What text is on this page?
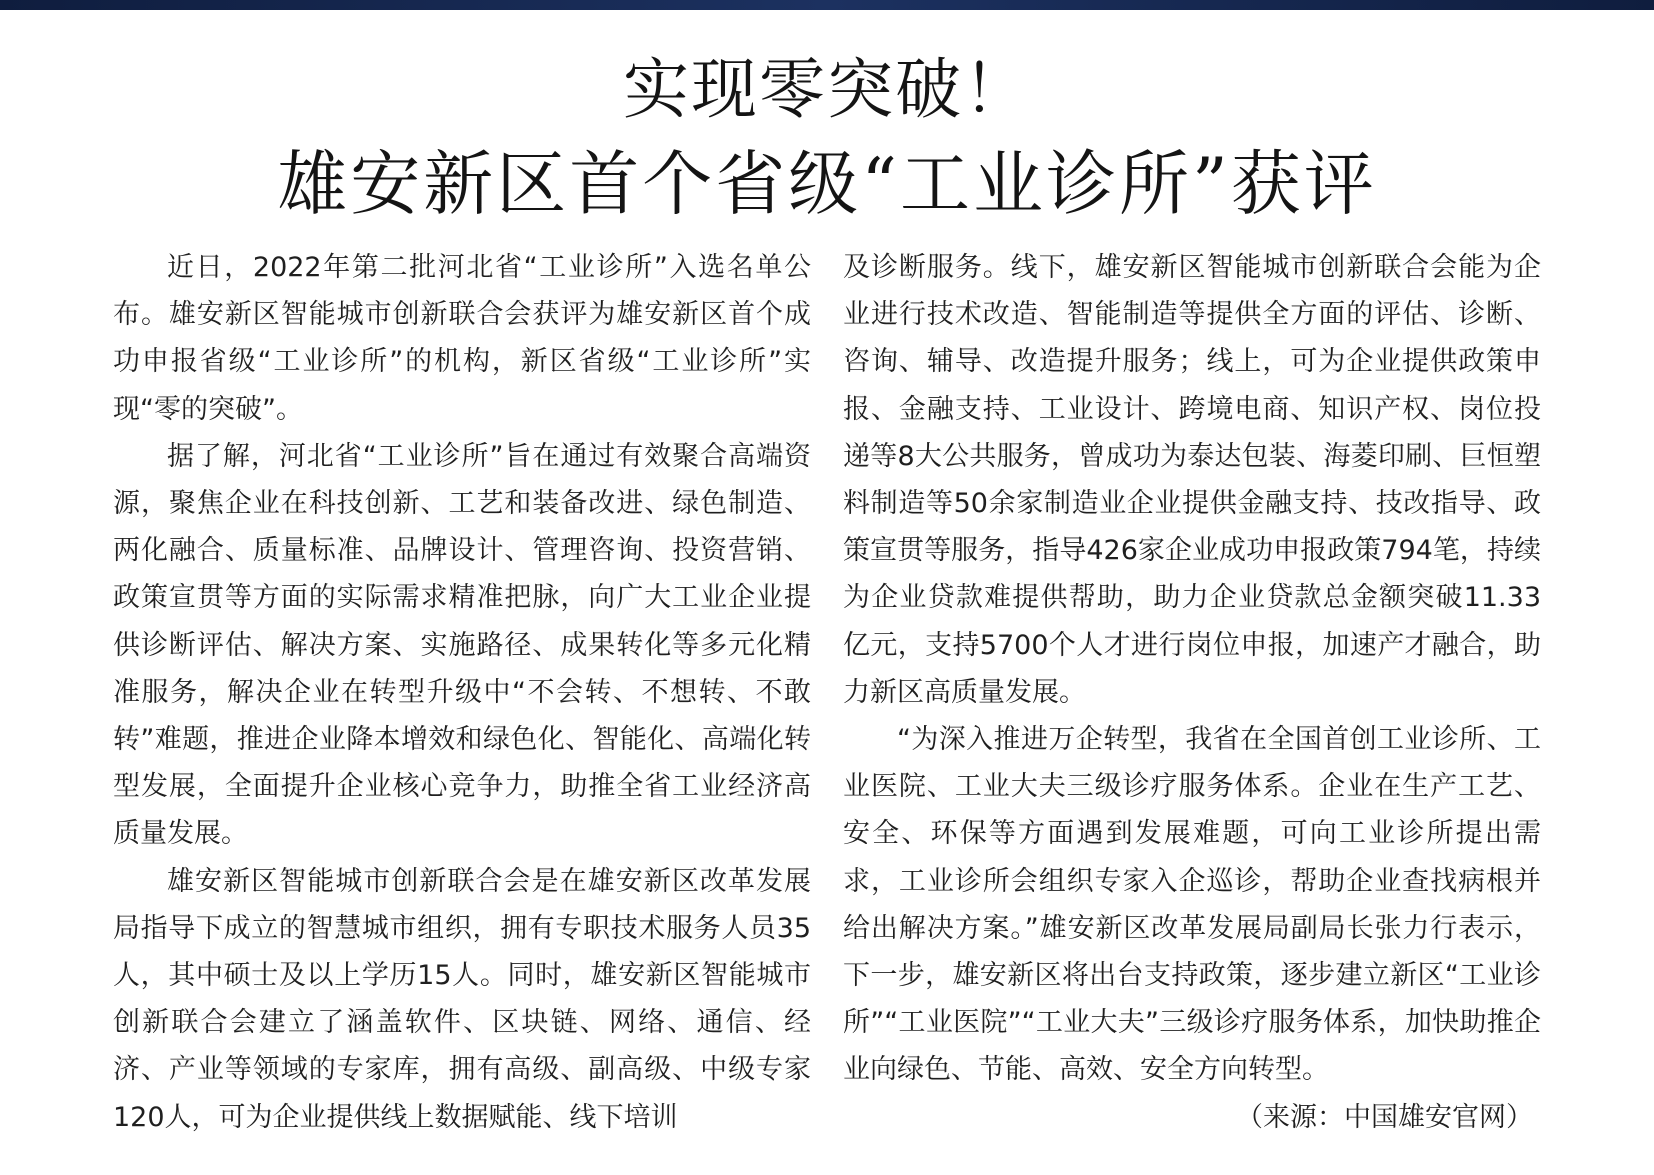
实现零突破！
雄安新区首个省级“工业诊所”获评

近日，2022年第二批河北省“工业诊所”入选名单公布。雄安新区智能城市创新联合会获评为雄安新区首个成功申报省级“工业诊所”的机构，新区省级“工业诊所”实现“零的突破”。

据了解，河北省“工业诊所”旨在通过有效聚合高端资源，聚焦企业在科技创新、工艺和装备改进、绿色制造、两化融合、质量标准、品牌设计、管理咨询、投资营销、政策宣贯等方面的实际需求精准把脉，向广大工业企业提供诊断评估、解决方案、实施路径、成果转化等多元化精准服务，解决企业在转型升级中“不会转、不想转、不敢转”难题，推进企业降本增效和绿色化、智能化、高端化转型发展，全面提升企业核心竞争力，助推全省工业经济高质量发展。

雄安新区智能城市创新联合会是在雄安新区改革发展局指导下成立的智慧城市组织，拥有专职技术服务人员35人，其中硕士及以上学历15人。同时，雄安新区智能城市创新联合会建立了涵盖软件、区块链、网络、通信、经济、产业等领域的专家库，拥有高级、副高级、中级专家120人，可为企业提供线上数据赋能、线下培训

及诊断服务。线下，雄安新区智能城市创新联合会能为企业进行技术改造、智能制造等提供全方面的评估、诊断、咨询、辅导、改造提升服务；线上，可为企业提供政策申报、金融支持、工业设计、跨境电商、知识产权、岗位投递等8大公共服务，曾成功为泰达包装、海菱印刷、巨恒塑料制造等50余家制造业企业提供金融支持、技改指导、政策宣贯等服务，指导426家企业成功申报政策794笔，持续为企业贷款难提供帮助，助力企业贷款总金额突破11.33亿元，支持5700个人才进行岗位申报，加速产才融合，助力新区高质量发展。

“为深入推进万企转型，我省在全国首创工业诊所、工业医院、工业大夫三级诊疗服务体系。企业在生产工艺、安全、环保等方面遇到发展难题，可向工业诊所提出需求，工业诊所会组织专家入企巡诊，帮助企业查找病根并给出解决方案。”雄安新区改革发展局副局长张力行表示，下一步，雄安新区将出台支持政策，逐步建立新区“工业诊所”“工业医院”“工业大夫”三级诊疗服务体系，加快助推企业向绿色、节能、高效、安全方向转型。

（来源：中国雄安官网）
